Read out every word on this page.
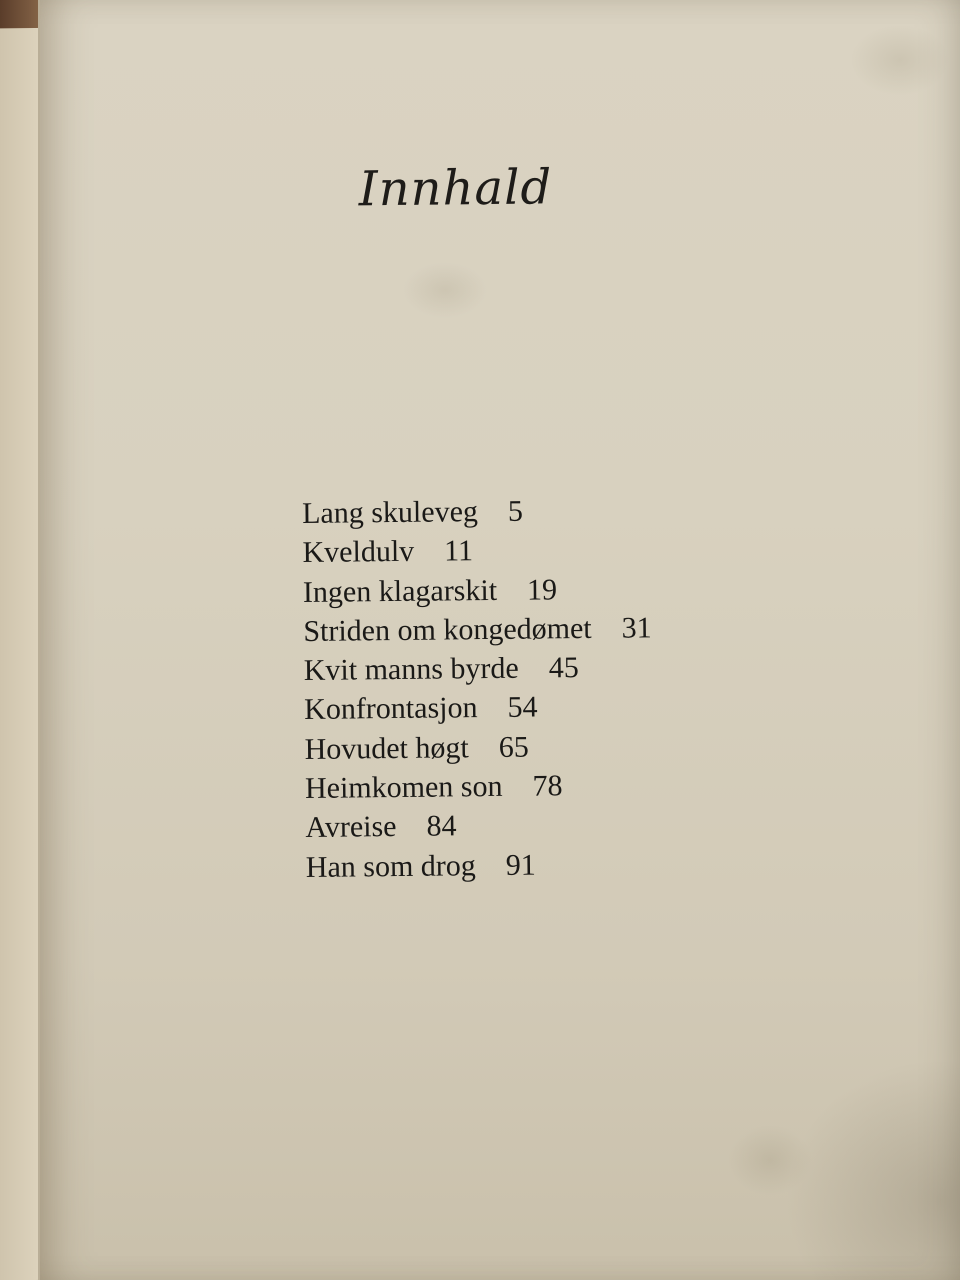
Innhald
Lang skuleveg 5
Kveldulv 11
Ingen klagarskit 19
Striden om kongedømet 31
Kvit manns byrde 45
Konfrontasjon 54
Hovudet høgt 65
Heimkomen son 78
Avreise 84
Han som drog 91
